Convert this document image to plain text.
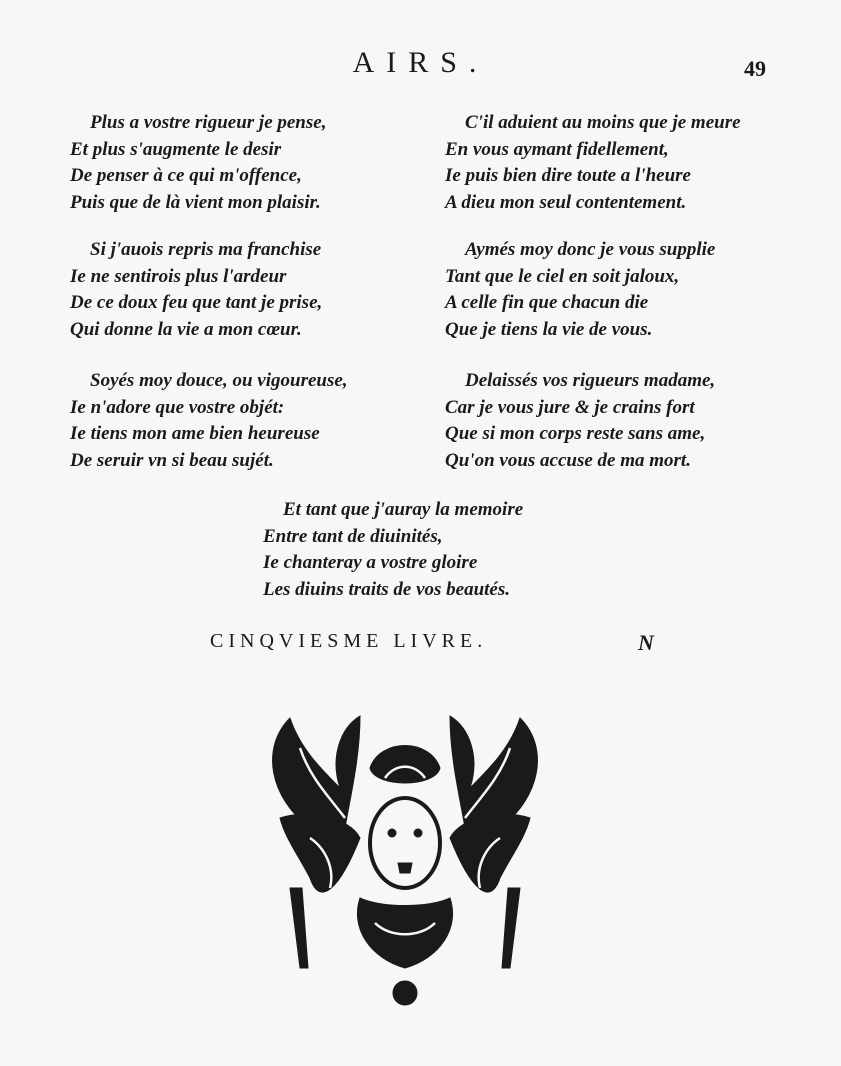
AIRS.	49
Plus a vostre rigueur je pense,
Et plus s'augmente le desir
De penser à ce qui m'offence,
Puis que de là vient mon plaisir.
Si j'auois repris ma franchise
Ie ne sentirois plus l'ardeur
De ce doux feu que tant je prise,
Qui donne la vie a mon cœur.
Soyés moy douce, ou vigoureuse,
Ie n'adore que vostre objét:
Ie tiens mon ame bien heureuse
De seruir vn si beau sujét.
C'il aduient au moins que je meure
En vous aymant fidellement,
Ie puis bien dire toute a l'heure
A dieu mon seul contentement.
Aymés moy donc je vous supplie
Tant que le ciel en soit jaloux,
A celle fin que chacun die
Que je tiens la vie de vous.
Delaissés vos rigueurs madame,
Car je vous jure & je crains fort
Que si mon corps reste sans ame,
Qu'on vous accuse de ma mort.
Et tant que j'auray la memoire
Entre tant de diuinités,
Ie chanteray a vostre gloire
Les diuins traits de vos beautés.
CINQVIESME LIVRE.	N
